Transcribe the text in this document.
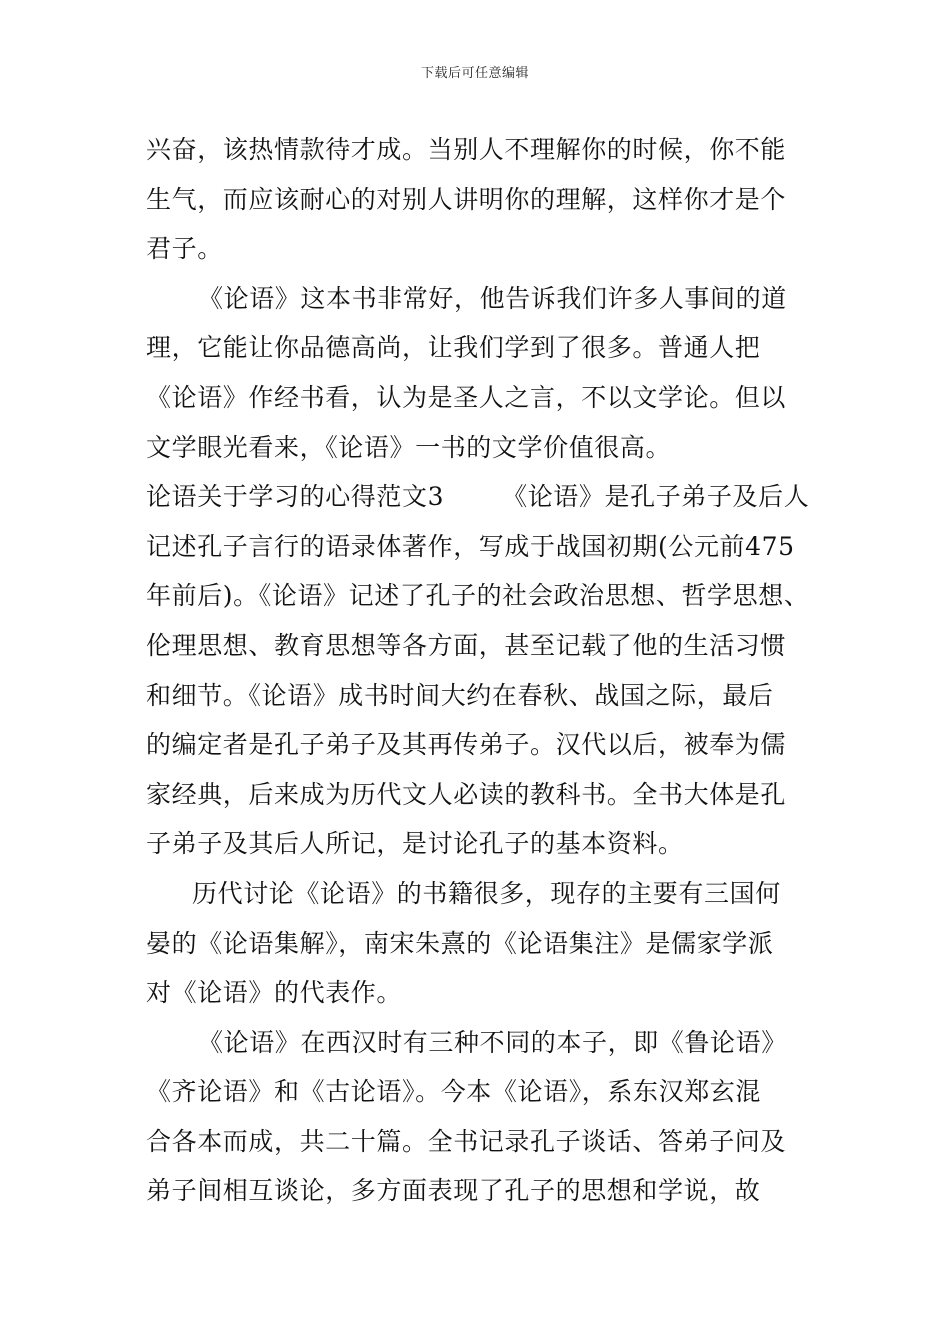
下载后可任意编辑
兴奋，该热情款待才成。当别人不理解你的时候，你不能
生气，而应该耐心的对别人讲明你的理解，这样你才是个
君子。
《论语》这本书非常好，他告诉我们许多人事间的道
理，它能让你品德高尚，让我们学到了很多。普通人把
《论语》作经书看，认为是圣人之言，不以文学论。但以
文学眼光看来，《论语》一书的文学价值很高。
论语关于学习的心得范文3 《论语》是孔子弟子及后人
记述孔子言行的语录体著作，写成于战国初期(公元前475
年前后)。《论语》记述了孔子的社会政治思想、哲学思想、
伦理思想、教育思想等各方面，甚至记载了他的生活习惯
和细节。《论语》成书时间大约在春秋、战国之际，最后
的编定者是孔子弟子及其再传弟子。汉代以后，被奉为儒
家经典，后来成为历代文人必读的教科书。全书大体是孔
子弟子及其后人所记，是讨论孔子的基本资料。
历代讨论《论语》的书籍很多，现存的主要有三国何
晏的《论语集解》，南宋朱熹的《论语集注》是儒家学派
对《论语》的代表作。
《论语》在西汉时有三种不同的本子，即《鲁论语》
《齐论语》和《古论语》。今本《论语》，系东汉郑玄混
合各本而成，共二十篇。全书记录孔子谈话、答弟子问及
弟子间相互谈论，多方面表现了孔子的思想和学说，故
